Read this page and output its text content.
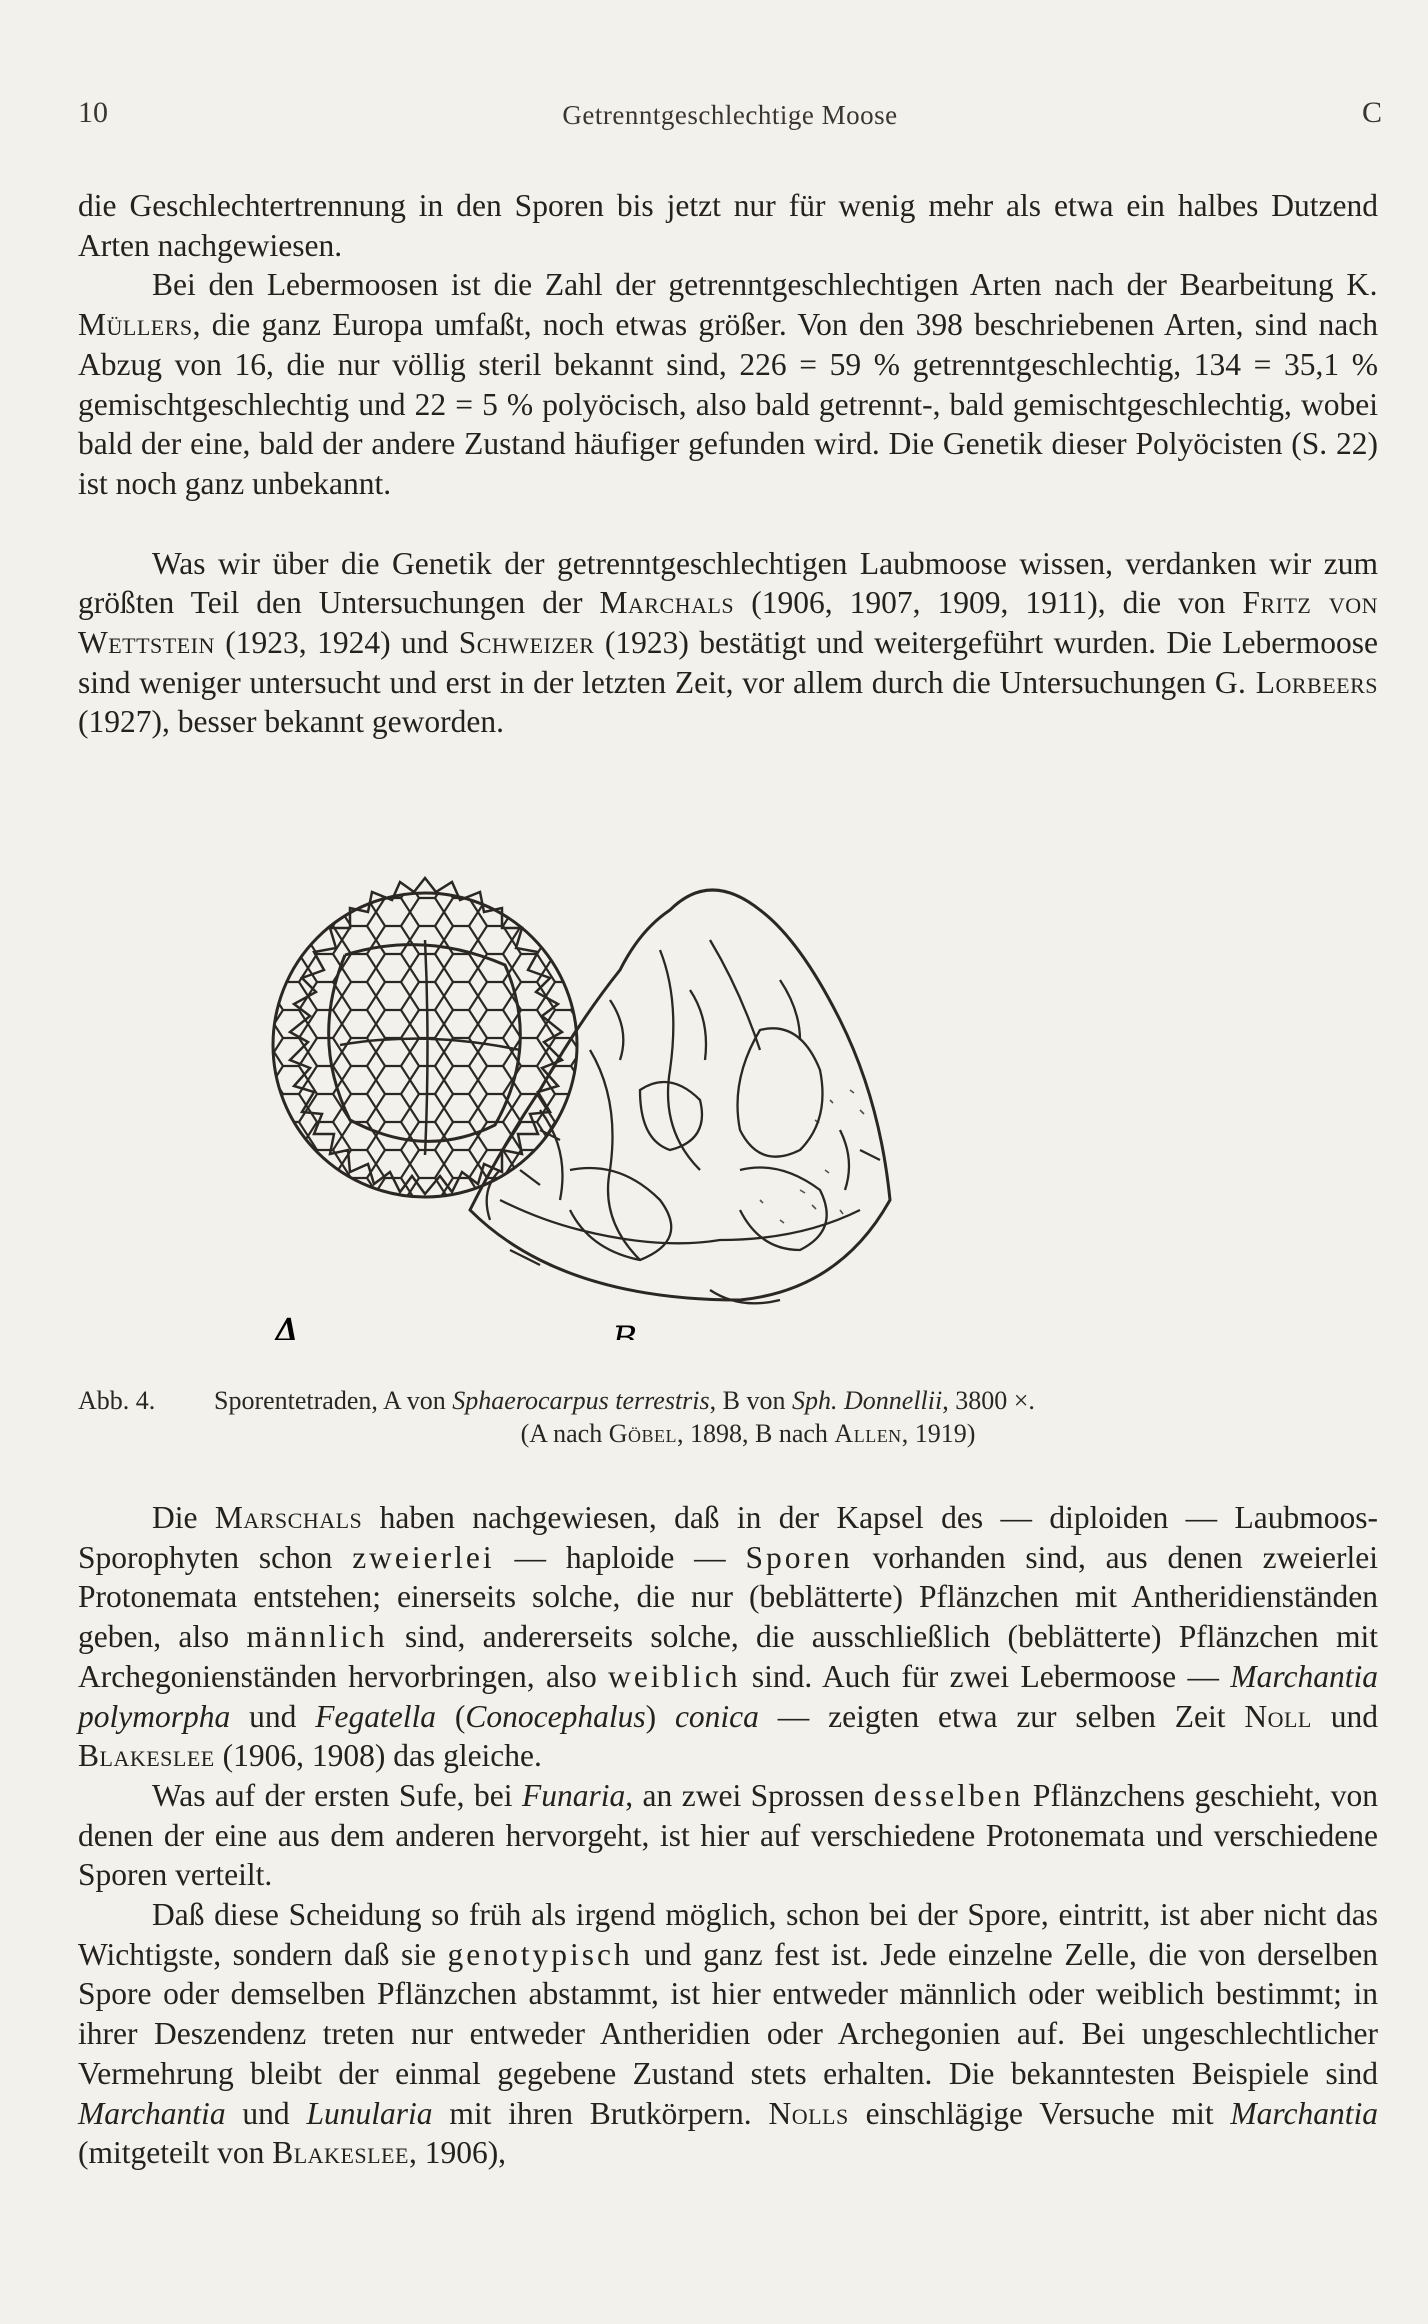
10	Getrenntgeschlechtige Moose	C

die Geschlechtertrennung in den Sporen bis jetzt nur für wenig mehr als etwa ein halbes Dutzend Arten nachgewiesen.

Bei den Lebermoosen ist die Zahl der getrenntgeschlechtigen Arten nach der Bearbeitung K. Müllers, die ganz Europa umfaßt, noch etwas größer. Von den 398 beschriebenen Arten, sind nach Abzug von 16, die nur völlig steril bekannt sind, 226 = 59 % getrenntgeschlechtig, 134 = 35,1 % gemischtgeschlechtig und 22 = 5 % polyöcisch, also bald getrennt-, bald gemischtgeschlechtig, wobei bald der eine, bald der andere Zustand häufiger gefunden wird. Die Genetik dieser Polyöcisten (S. 22) ist noch ganz unbekannt.

Was wir über die Genetik der getrenntgeschlechtigen Laubmoose wissen, verdanken wir zum größten Teil den Untersuchungen der Marchals (1906, 1907, 1909, 1911), die von Fritz von Wettstein (1923, 1924) und Schweizer (1923) bestätigt und weitergeführt wurden. Die Lebermoose sind weniger untersucht und erst in der letzten Zeit, vor allem durch die Untersuchungen G. Lorbeers (1927), besser bekannt geworden.

A	B
Abb. 4.	Sporentetraden, A von Sphaerocarpus terrestris, B von Sph. Donnellii, 3800 ×.
(A nach Göbel, 1898, B nach Allen, 1919)

Die Marschals haben nachgewiesen, daß in der Kapsel des — diploiden — Laubmoos-Sporophyten schon zweierlei — haploide — Sporen vorhanden sind, aus denen zweierlei Protonemata entstehen; einerseits solche, die nur (beblätterte) Pflänzchen mit Antheridienständen geben, also männlich sind, andererseits solche, die ausschließlich (beblätterte) Pflänzchen mit Archegonienständen hervorbringen, also weiblich sind. Auch für zwei Lebermoose — Marchantia polymorpha und Fegatella (Conocephalus) conica — zeigten etwa zur selben Zeit Noll und Blakeslee (1906, 1908) das gleiche.

Was auf der ersten Sufe, bei Funaria, an zwei Sprossen desselben Pflänzchens geschieht, von denen der eine aus dem anderen hervorgeht, ist hier auf verschiedene Protonemata und verschiedene Sporen verteilt.

Daß diese Scheidung so früh als irgend möglich, schon bei der Spore, eintritt, ist aber nicht das Wichtigste, sondern daß sie genotypisch und ganz fest ist. Jede einzelne Zelle, die von derselben Spore oder demselben Pflänzchen abstammt, ist hier entweder männlich oder weiblich bestimmt; in ihrer Deszendenz treten nur entweder Antheridien oder Archegonien auf. Bei ungeschlechtlicher Vermehrung bleibt der einmal gegebene Zustand stets erhalten. Die bekanntesten Beispiele sind Marchantia und Lunularia mit ihren Brutkörpern. Nolls einschlägige Versuche mit Marchantia (mitgeteilt von Blakeslee, 1906),
